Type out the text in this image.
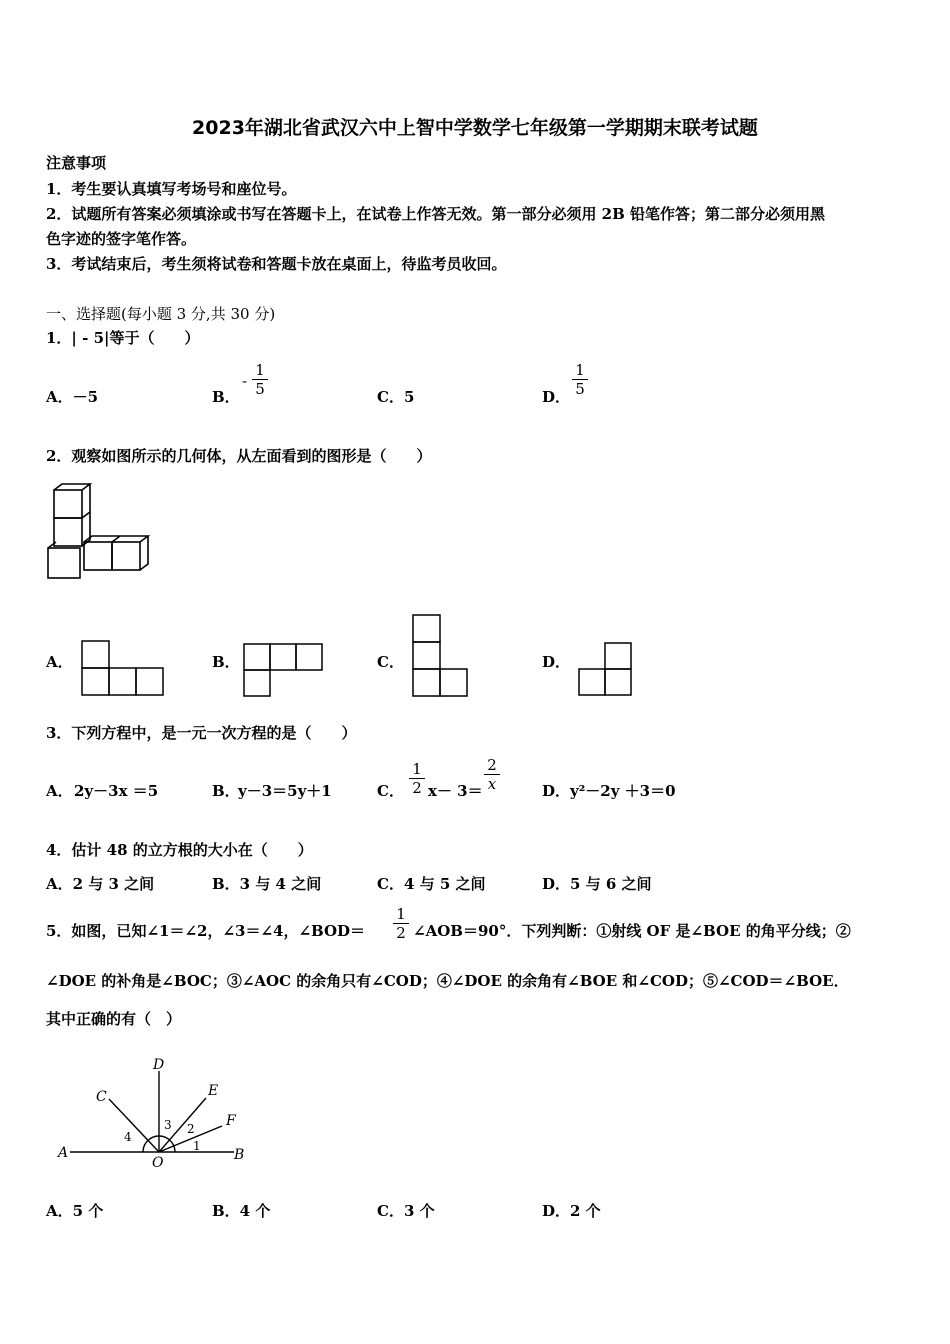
2023年湖北省武汉六中上智中学数学七年级第一学期期末联考试题
注意事项
1．考生要认真填写考场号和座位号。
2．试题所有答案必须填涂或书写在答题卡上，在试卷上作答无效。第一部分必须用 2B 铅笔作答；第二部分必须用黑
色字迹的签字笔作答。
3．考试结束后，考生须将试卷和答题卡放在桌面上，待监考员收回。
一、选择题(每小题 3 分,共 30 分)
1．| - 5|等于（　　）
A．－5	B．
- $\frac{1}{5}$	C．5	D． $\frac{1}{5}$
2．观察如图所示的几何体，从左面看到的图形是（　　）
A．	B．	C．	D．
3．下列方程中，是一元一次方程的是（　　）
A． 2y－3x ＝5	B．
y－3＝5y＋1	C． $\frac{1}{2} x- 3= \frac{2}{x}$	D． y²－2y ＋3＝0
4．估计 48 的立方根的大小在（　　）
A．2 与 3 之间	B．3 与 4 之间	C．4 与 5 之间	D．5 与 6 之间
5．如图，已知∠1＝∠2，∠3＝∠4，∠BOD＝ $\frac{1}{2}$ ∠AOB＝90°．下列判断：①射线 OF 是∠BOE 的角平分线；②
∠DOE 的补角是∠BOC；③∠AOC 的余角只有∠COD；④∠DOE 的余角有∠BOE 和∠COD；⑤∠COD＝∠BOE．
其中正确的有（　）
D
C	E
F
A
O	B
1
2
3
4
A．5 个	B．4 个	C．3 个	D．2 个
